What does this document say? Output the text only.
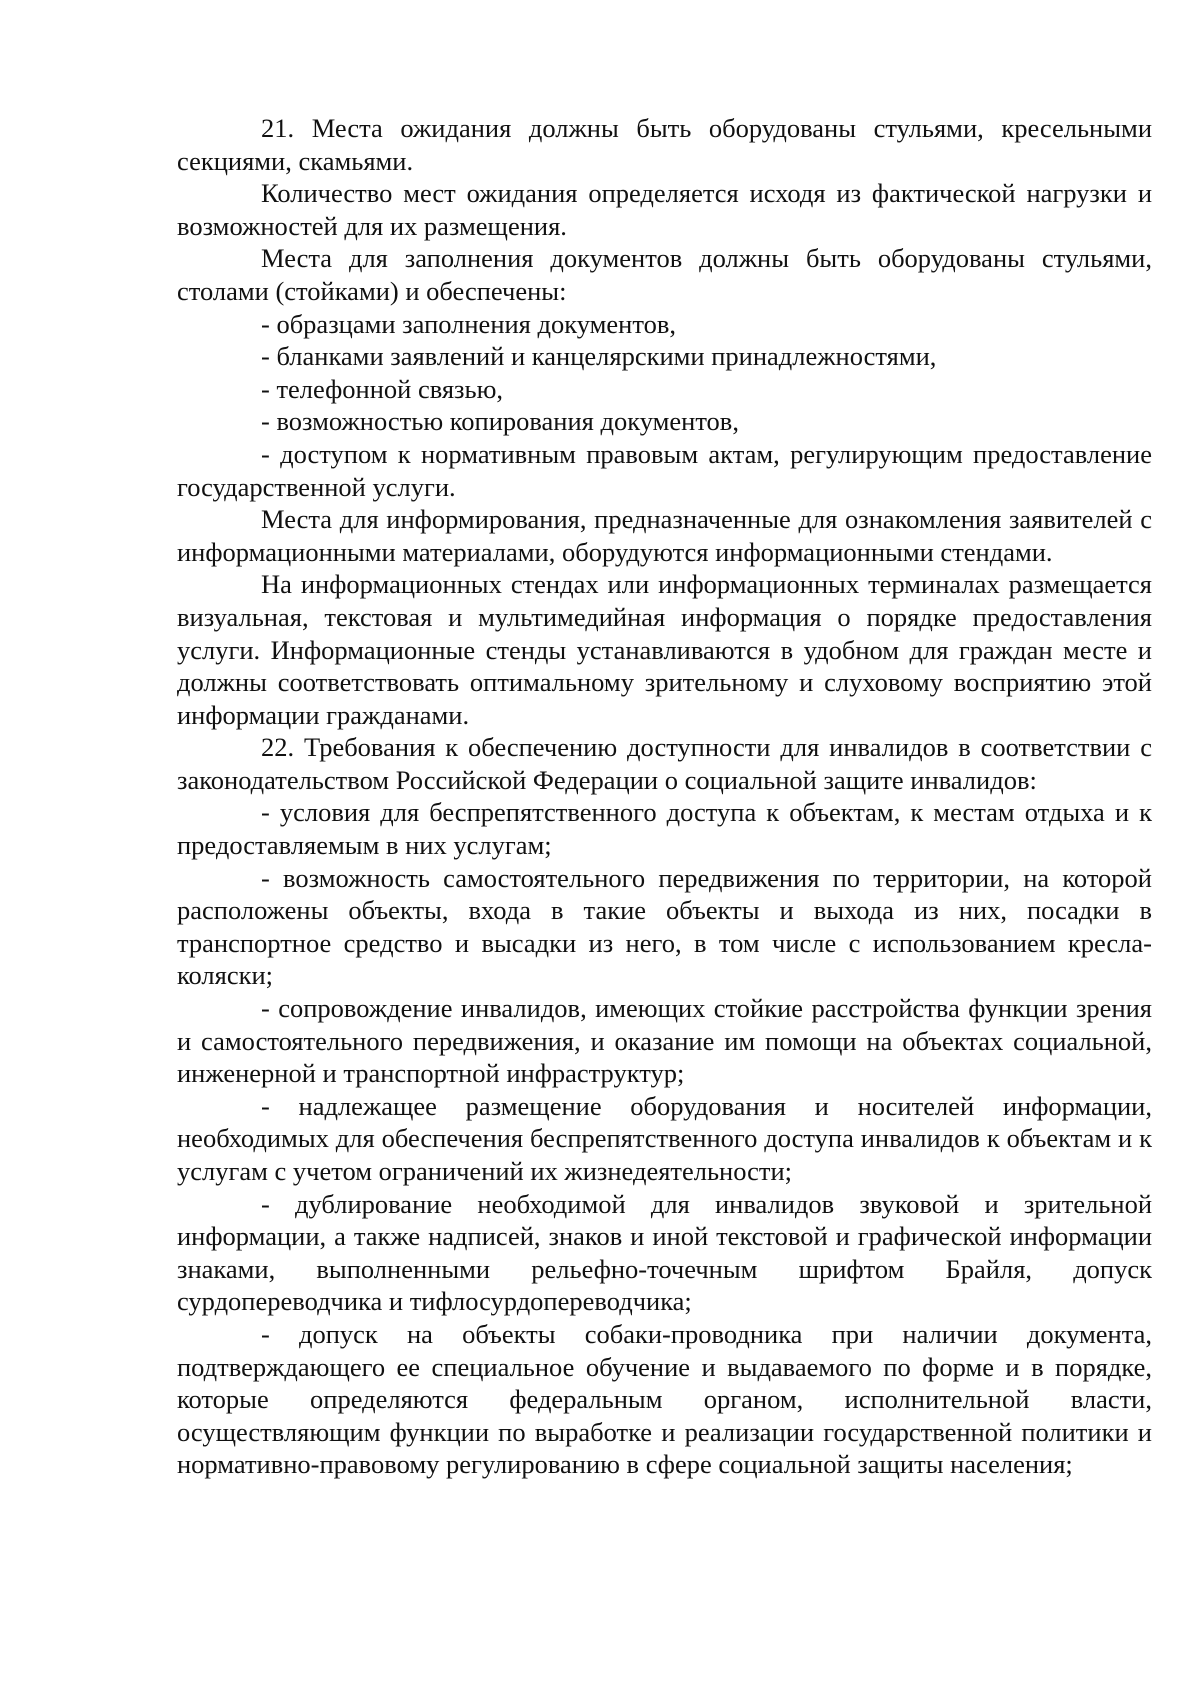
21. Места ожидания должны быть оборудованы стульями, кресельными секциями, скамьями.

Количество мест ожидания определяется исходя из фактической нагрузки и возможностей для их размещения.

Места для заполнения документов должны быть оборудованы стульями, столами (стойками) и обеспечены:

- образцами заполнения документов,

- бланками заявлений и канцелярскими принадлежностями,

- телефонной связью,

- возможностью копирования документов,

- доступом к нормативным правовым актам, регулирующим предоставление государственной услуги.

Места для информирования, предназначенные для ознакомления заявителей с информационными материалами, оборудуются информационными стендами.

На информационных стендах или информационных терминалах размещается визуальная, текстовая и мультимедийная информация о порядке предоставления услуги. Информационные стенды устанавливаются в удобном для граждан месте и должны соответствовать оптимальному зрительному и слуховому восприятию этой информации гражданами.

22. Требования к обеспечению доступности для инвалидов в соответствии с законодательством Российской Федерации о социальной защите инвалидов:

- условия для беспрепятственного доступа к объектам, к местам отдыха и к предоставляемым в них услугам;

- возможность самостоятельного передвижения по территории, на которой расположены объекты, входа в такие объекты и выхода из них, посадки в транспортное средство и высадки из него, в том числе с использованием кресла- коляски;

- сопровождение инвалидов, имеющих стойкие расстройства функции зрения и самостоятельного передвижения, и оказание им помощи на объектах социальной, инженерной и транспортной инфраструктур;

- надлежащее размещение оборудования и носителей информации, необходимых для обеспечения беспрепятственного доступа инвалидов к объектам и к услугам с учетом ограничений их жизнедеятельности;

- дублирование необходимой для инвалидов звуковой и зрительной информации, а также надписей, знаков и иной текстовой и графической информации знаками, выполненными рельефно-точечным шрифтом Брайля, допуск сурдопереводчика и тифлосурдопереводчика;

- допуск на объекты собаки-проводника при наличии документа, подтверждающего ее специальное обучение и выдаваемого по форме и в порядке, которые определяются федеральным органом, исполнительной власти, осуществляющим функции по выработке и реализации государственной политики и нормативно-правовому регулированию в сфере социальной защиты населения;
